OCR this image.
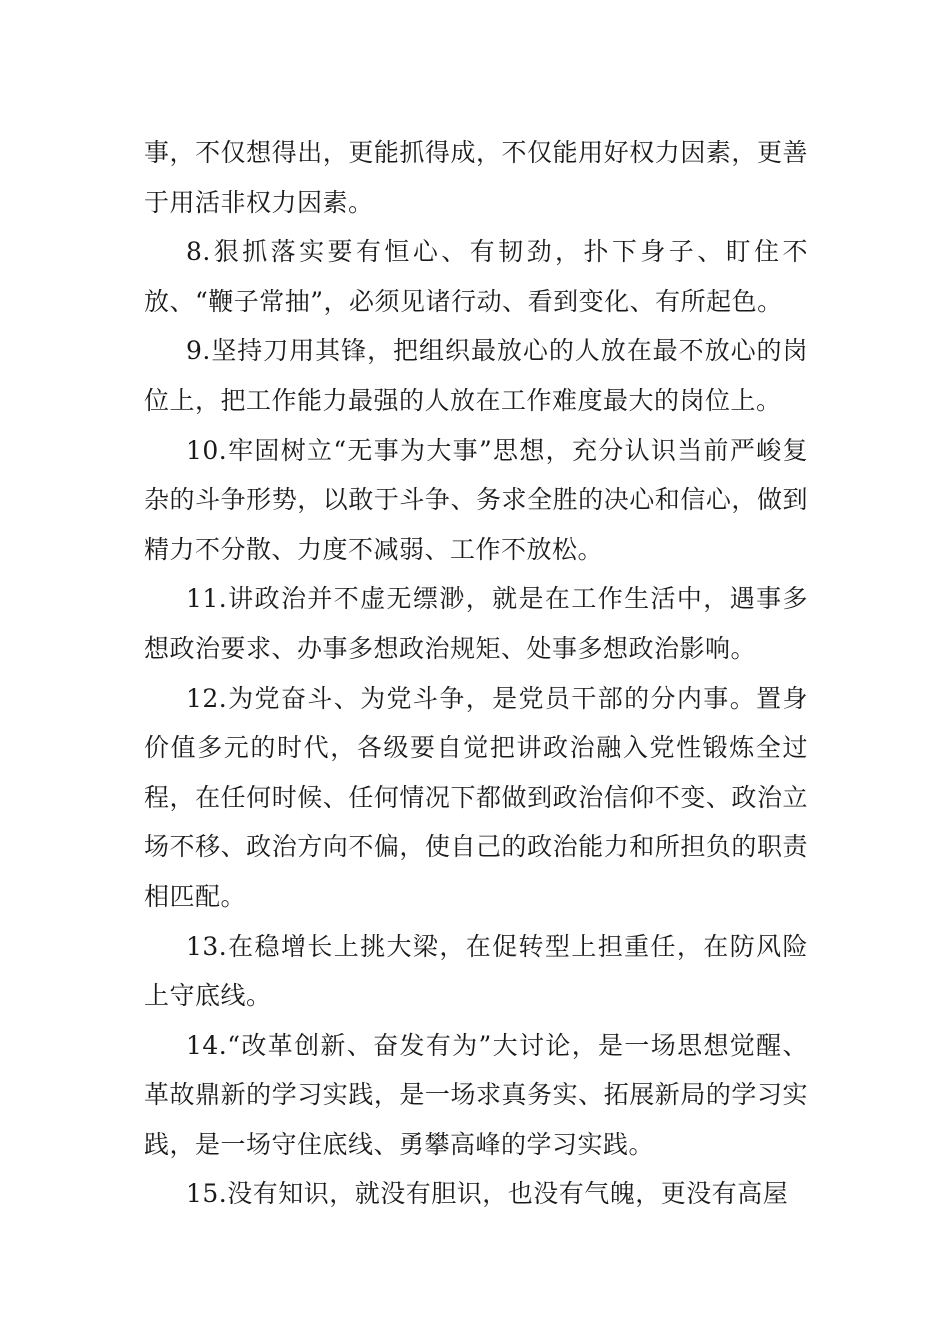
事，不仅想得出，更能抓得成，不仅能用好权力因素，更善于用活非权力因素。

8.狠抓落实要有恒心、有韧劲，扑下身子、盯住不放、“鞭子常抽”，必须见诸行动、看到变化、有所起色。

9.坚持刀用其锋，把组织最放心的人放在最不放心的岗位上，把工作能力最强的人放在工作难度最大的岗位上。

10.牢固树立“无事为大事”思想，充分认识当前严峻复杂的斗争形势，以敢于斗争、务求全胜的决心和信心，做到精力不分散、力度不减弱、工作不放松。

11.讲政治并不虚无缥渺，就是在工作生活中，遇事多想政治要求、办事多想政治规矩、处事多想政治影响。

12.为党奋斗、为党斗争，是党员干部的分内事。置身价值多元的时代，各级要自觉把讲政治融入党性锻炼全过程，在任何时候、任何情况下都做到政治信仰不变、政治立场不移、政治方向不偏，使自己的政治能力和所担负的职责相匹配。

13.在稳增长上挑大梁，在促转型上担重任，在防风险上守底线。

14.“改革创新、奋发有为”大讨论，是一场思想觉醒、革故鼎新的学习实践，是一场求真务实、拓展新局的学习实践，是一场守住底线、勇攀高峰的学习实践。

15.没有知识，就没有胆识，也没有气魄，更没有高屋
